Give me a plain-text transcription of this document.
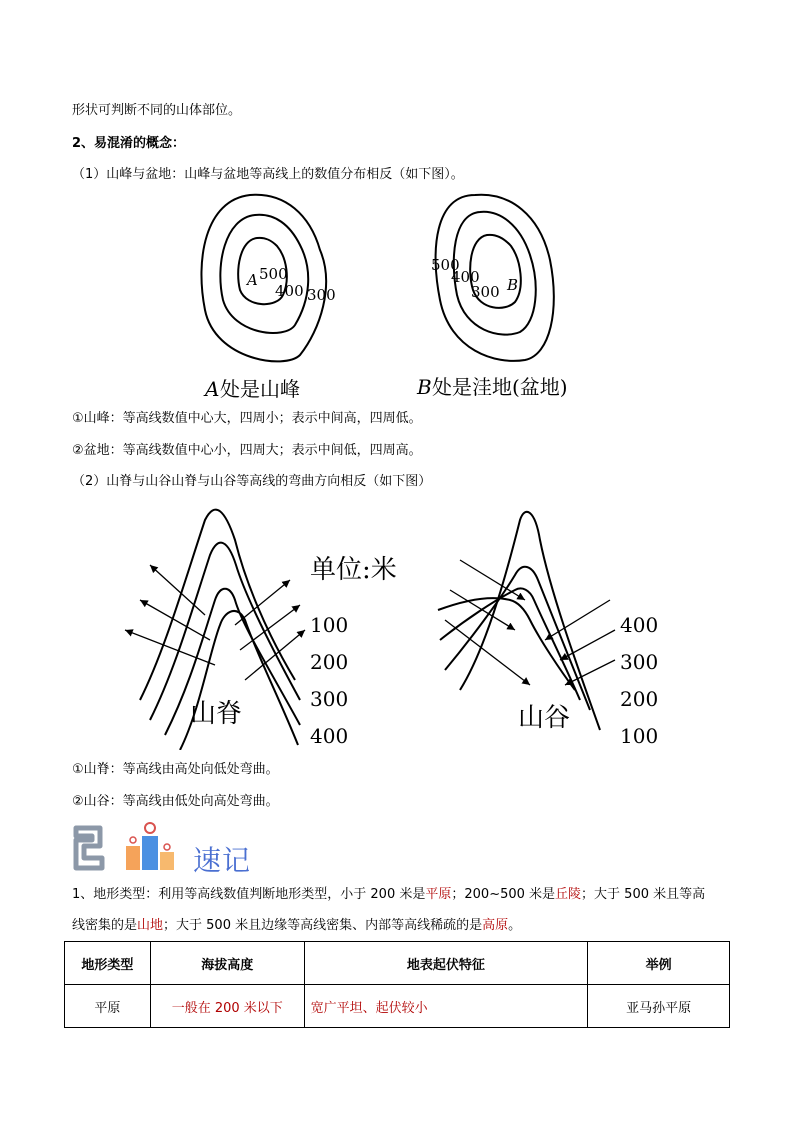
形状可判断不同的山体部位。
2、易混淆的概念：
（1）山峰与盆地：山峰与盆地等高线上的数值分布相反（如下图）。
A 500
400 300
500
400
300 B
A 处是山峰	B 处是洼地(盆地)
①山峰：等高线数值中心大，四周小；表示中间高，四周低。
②盆地：等高线数值中心小，四周大；表示中间低，四周高。
（2）山脊与山谷山脊与山谷等高线的弯曲方向相反（如下图）
单位:米
100
200
300
400
山脊
400
300
200
100
山谷
①山脊：等高线由高处向低处弯曲。
②山谷：等高线由低处向高处弯曲。
速记
1、地形类型：利用等高线数值判断地形类型，小于 200 米是平原；200~500 米是丘陵；大于 500 米且等高
线密集的是山地；大于 500 米且边缘等高线密集、内部等高线稀疏的是高原。
地形类型	海拔高度	地表起伏特征	举例
平原	一般在 200 米以下	宽广平坦、起伏较小	亚马孙平原
